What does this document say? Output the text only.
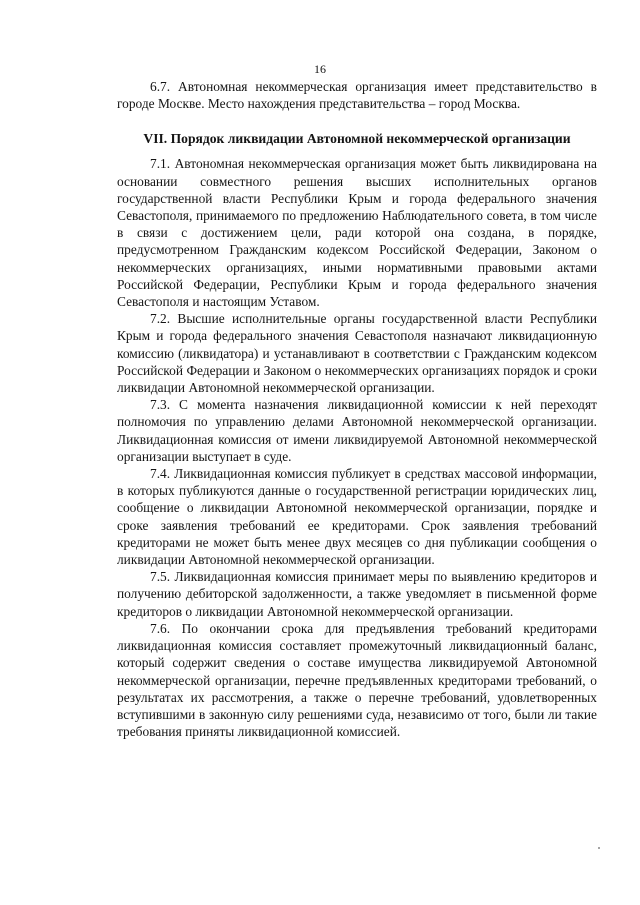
16

6.7. Автономная некоммерческая организация имеет представительство в городе Москве. Место нахождения представительства – город Москва.

VII. Порядок ликвидации Автономной некоммерческой организации

7.1. Автономная некоммерческая организация может быть ликвидирована на основании совместного решения высших исполнительных органов государственной власти Республики Крым и города федерального значения Севастополя, принимаемого по предложению Наблюдательного совета, в том числе в связи с достижением цели, ради которой она создана, в порядке, предусмотренном Гражданским кодексом Российской Федерации, Законом о некоммерческих организациях, иными нормативными правовыми актами Российской Федерации, Республики Крым и города федерального значения Севастополя и настоящим Уставом.

7.2. Высшие исполнительные органы государственной власти Республики Крым и города федерального значения Севастополя назначают ликвидационную комиссию (ликвидатора) и устанавливают в соответствии с Гражданским кодексом Российской Федерации и Законом о некоммерческих организациях порядок и сроки ликвидации Автономной некоммерческой организации.

7.3. С момента назначения ликвидационной комиссии к ней переходят полномочия по управлению делами Автономной некоммерческой организации. Ликвидационная комиссия от имени ликвидируемой Автономной некоммерческой организации выступает в суде.

7.4. Ликвидационная комиссия публикует в средствах массовой информации, в которых публикуются данные о государственной регистрации юридических лиц, сообщение о ликвидации Автономной некоммерческой организации, порядке и сроке заявления требований ее кредиторами. Срок заявления требований кредиторами не может быть менее двух месяцев со дня публикации сообщения о ликвидации Автономной некоммерческой организации.

7.5. Ликвидационная комиссия принимает меры по выявлению кредиторов и получению дебиторской задолженности, а также уведомляет в письменной форме кредиторов о ликвидации Автономной некоммерческой организации.

7.6. По окончании срока для предъявления требований кредиторами ликвидационная комиссия составляет промежуточный ликвидационный баланс, который содержит сведения о составе имущества ликвидируемой Автономной некоммерческой организации, перечне предъявленных кредиторами требований, о результатах их рассмотрения, а также о перечне требований, удовлетворенных вступившими в законную силу решениями суда, независимо от того, были ли такие требования приняты ликвидационной комиссией.
